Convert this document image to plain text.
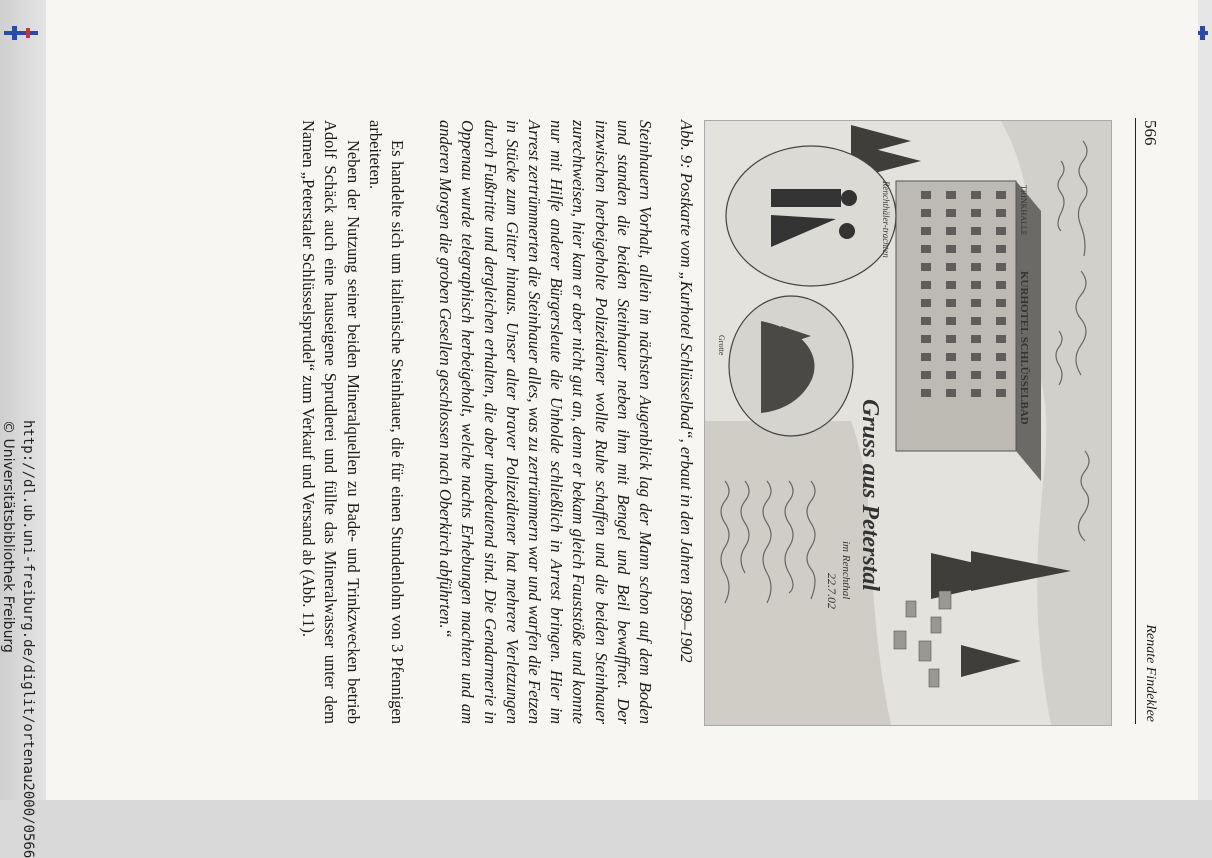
566
Renate Findeklee
22.7.02
KURHOTEL SCHLÜSSELBAD
TRINKHALLE
Renchthäler-trachten
Grotte
Gruss aus Peterstal
im Renchthal
Abb. 9: Postkarte vom „Kurhotel Schlüsselbad“, erbaut in den Jahren 1899–1902
Steinhauern Vorhalt, allein im nächsten Augenblick lag der Mann schon auf dem Boden und standen die beiden Steinhauer neben ihm mit Bengel und Beil bewaffnet. Der inzwischen herbeigeholte Polizeidiener wollte Ruhe schaffen und die beiden Steinhauer zurechtweisen, hier kam er aber nicht gut an, denn er bekam gleich Fauststöße und konnte nur mit Hilfe anderer Bürgersleute die Unholde schließlich in Arrest bringen. Hier im Arrest zertrümmerten die Steinhauer alles, was zu zertrümmern war und warfen die Fetzen in Stücke zum Gitter hinaus. Unser alter braver Polizeidiener hat mehrere Verletzungen durch Fußtritte und dergleichen erhalten, die aber unbedeutend sind. Die Gendarmerie in Oppenau wurde telegraphisch herbeigeholt, welche nachts Erhebungen machten und am anderen Morgen die groben Gesellen geschlossen nach Oberkirch abführten.“

Es handelte sich um italienische Steinhauer, die für einen Stundenlohn von 3 Pfennigen arbeiteten.

Neben der Nutzung seiner beiden Mineralquellen zu Bade- und Trinkzwecken betrieb Adolf Schäck auch eine hauseigene Sprudlerei und füllte das Mineralwasser unter dem Namen „Peterstaler Schlüsselsprudel“ zum Verkauf und Versand ab (Abb. 11).

http://dl.ub.uni-freiburg.de/diglit/ortenau2000/0566
© Universitätsbibliothek Freiburg
